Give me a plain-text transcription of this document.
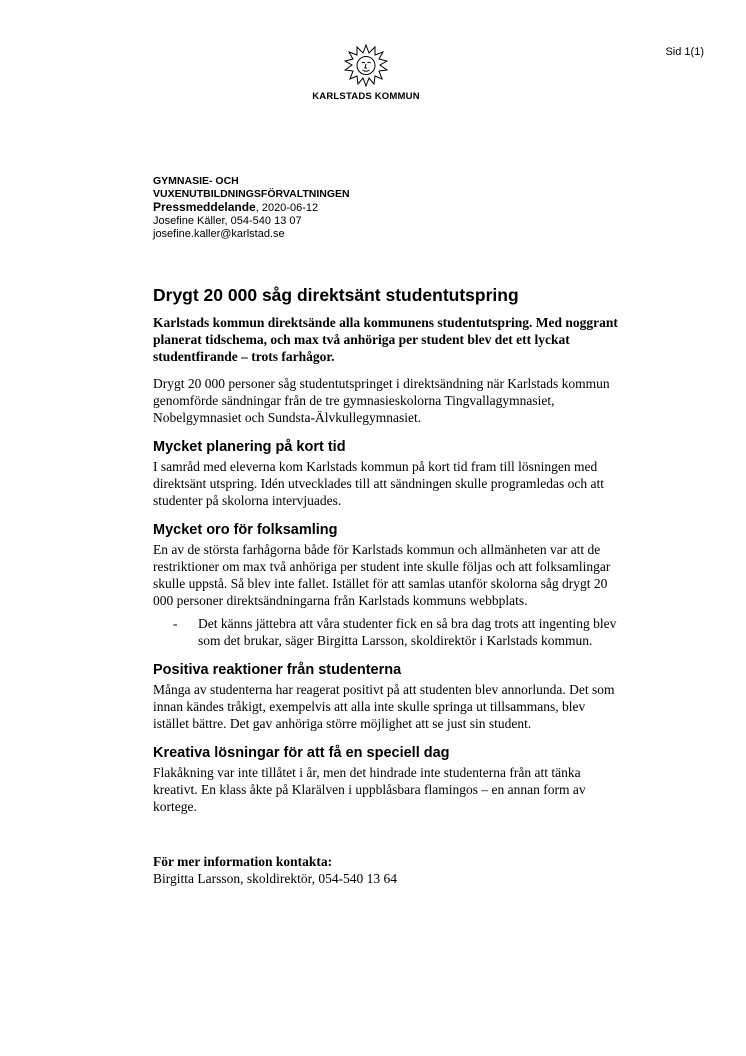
Sid 1(1)
KARLSTADS KOMMUN
GYMNASIE- OCH
VUXENUTBILDNINGSFÖRVALTNINGEN
Pressmeddelande, 2020-06-12
Josefine Käller, 054-540 13 07
josefine.kaller@karlstad.se
Drygt 20 000 såg direktsänt studentutspring

Karlstads kommun direktsände alla kommunens studentutspring. Med noggrant planerat tidschema, och max två anhöriga per student blev det ett lyckat studentfirande – trots farhågor.

Drygt 20 000 personer såg studentutspringet i direktsändning när Karlstads kommun genomförde sändningar från de tre gymnasieskolorna Tingvallagymnasiet, Nobelgymnasiet och Sundsta-Älvkullegymnasiet.

Mycket planering på kort tid

I samråd med eleverna kom Karlstads kommun på kort tid fram till lösningen med direktsänt utspring. Idén utvecklades till att sändningen skulle programledas och att studenter på skolorna intervjuades.

Mycket oro för folksamling

En av de största farhågorna både för Karlstads kommun och allmänheten var att de restriktioner om max två anhöriga per student inte skulle följas och att folksamlingar skulle uppstå. Så blev inte fallet. Istället för att samlas utanför skolorna såg drygt 20 000 personer direktsändningarna från Karlstads kommuns webbplats.

- Det känns jättebra att våra studenter fick en så bra dag trots att ingenting blev som det brukar, säger Birgitta Larsson, skoldirektör i Karlstads kommun.
Positiva reaktioner från studenterna

Många av studenterna har reagerat positivt på att studenten blev annorlunda. Det som innan kändes tråkigt, exempelvis att alla inte skulle springa ut tillsammans, blev istället bättre. Det gav anhöriga större möjlighet att se just sin student.

Kreativa lösningar för att få en speciell dag

Flakåkning var inte tillåtet i år, men det hindrade inte studenterna från att tänka kreativt. En klass åkte på Klarälven i uppblåsbara flamingos – en annan form av kortege.

För mer information kontakta:

Birgitta Larsson, skoldirektör, 054-540 13 64
